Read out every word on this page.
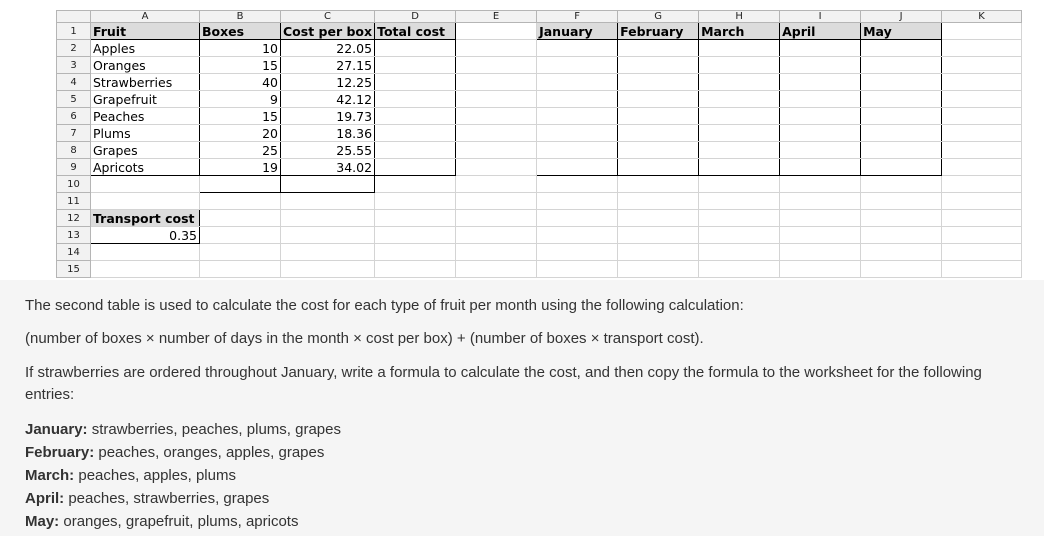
	A	B	C	D	E	F	G	H	I	J	K
1	Fruit	Boxes	Cost per box	Total cost		January	February	March	April	May	
2	Apples	10	22.05								
3	Oranges	15	27.15								
4	Strawberries	40	12.25								
5	Grapefruit	9	42.12								
6	Peaches	15	19.73								
7	Plums	20	18.36								
8	Grapes	25	25.55								
9	Apricots	19	34.02								
10											
11											
12	Transport cost										
13	0.35										
14											
15											

The second table is used to calculate the cost for each type of fruit per month using the following calculation:

(number of boxes × number of days in the month × cost per box) + (number of boxes × transport cost).

If strawberries are ordered throughout January, write a formula to calculate the cost, and then copy the formula to the worksheet for the following entries:

January: strawberries, peaches, plums, grapes
February: peaches, oranges, apples, grapes
March: peaches, apples, plums
April: peaches, strawberries, grapes
May: oranges, grapefruit, plums, apricots
